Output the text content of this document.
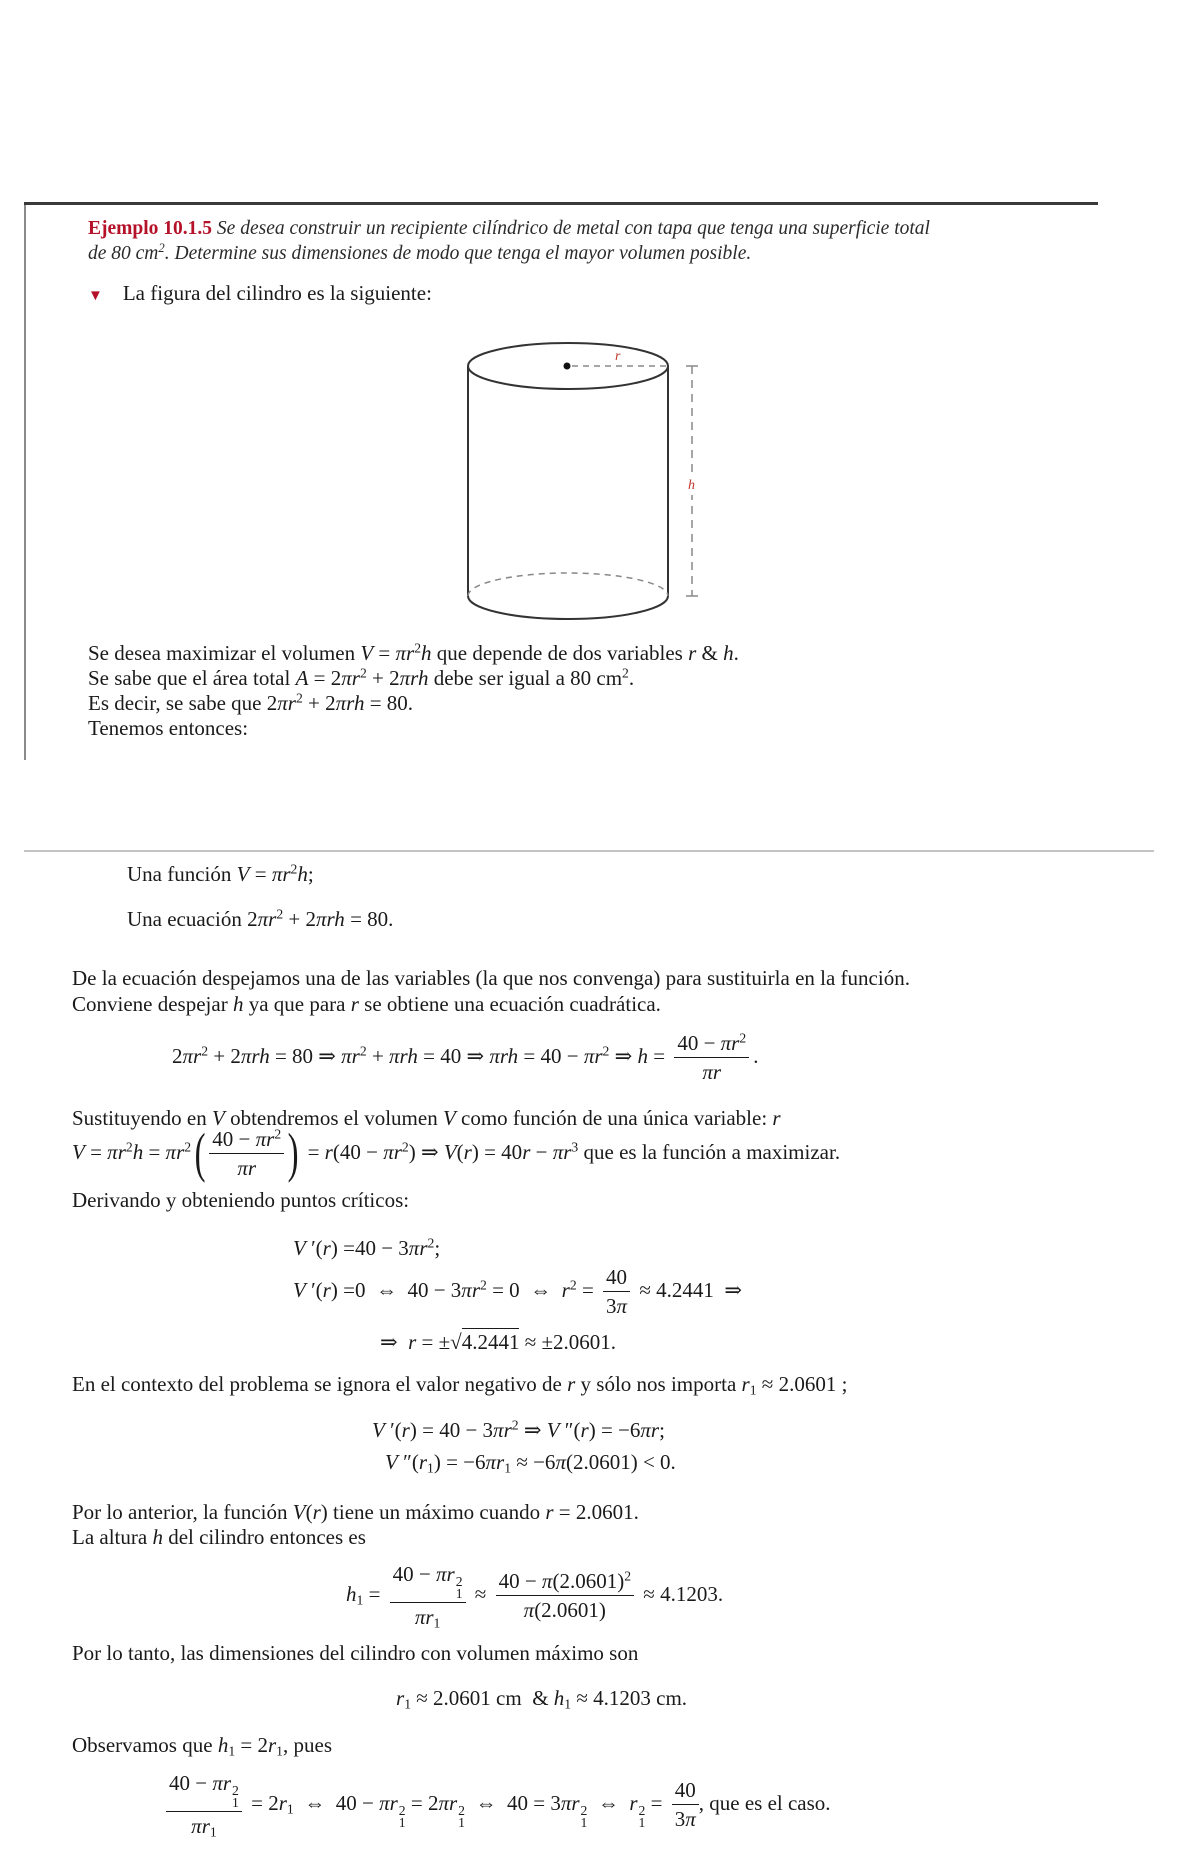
Ejemplo 10.1.5 Se desea construir un recipiente cilíndrico de metal con tapa que tenga una superficie total
de 80 $cm^2$. Determine sus dimensiones de modo que tenga el mayor volumen posible.
▼ La figura del cilindro es la siguiente:
r
h
Se desea maximizar el volumen $V = \pi r^2h$ que depende de dos variables r & h.
Se sabe que el área total $A = 2\pi r^2 + 2\pi rh$ debe ser igual a 80 $cm^2$.
Es decir, se sabe que $2\pi r^2 + 2\pi rh = 80$.
Tenemos entonces:
Una función $V = \pi r^2h$;
Una ecuación $2\pi r^2 + 2\pi rh = 80$.
De la ecuación despejamos una de las variables (la que nos convenga) para sustituirla en la función.
Conviene despejar h ya que para r se obtiene una ecuación cuadrática.
$2\pi r^2 + 2\pi rh = 80$ ⇒ $\pi r^2 + \pi rh = 40$ ⇒ $\pi rh = 40 - \pi r^2$ ⇒ $h = \frac{40 - \pi r^2}{\pi r}$ .
Sustituyendo en V obtendremos el volumen V como función de una única variable: r
$V = \pi r^2h = \pi r^2( \frac{40 - \pi r^2}{\pi r}$ ) = $r(40 - \pi r^2)$ ⇒ $V(r) = 40r - \pi r^3$ que es la función a maximizar.
Derivando y obteniendo puntos críticos:
V $'(r) =40 - 3\pi r^2$;
V ′(r) =0  ⇔  $40 - 3\pi r^2 = 0$  ⇔  $r^2 = \frac{40}{3\pi} \approx 4.2441$  ⇒
⇒  r = ±√4.2441 ≈ ±2.0601.
En el contexto del problema se ignora el valor negativo de r y sólo nos importa $r_1 \approx 2.0601$ ;
V $'(r) = 40 - 3\pi r^2$ ⇒ V ″(r) = −6πr;
V $''(r_1) = -6\pi r_1 \approx -6\pi(2.0601) < 0$.
Por lo anterior, la función V(r) tiene un máximo cuando r = 2.0601.
La altura h del cilindro entonces es
$h_1 = 40 - \pi r$ 2
1
$\pi r_1 \approx \frac{40 - \pi(2.0601)^2}{\pi(2.0601)} \approx 4.1203$.
Por lo tanto, las dimensiones del cilindro con volumen máximo son
$r_1 \approx 2.0601$ cm  & $h_1 \approx 4.1203$ cm.
Observamos que $h_1 = 2r_1$, pues
40 − πr 2
1
$\pi r_1 = 2r_1$  ⇔  40 − πr 2
1
= 2πr 2
1
⇔  40 = 3πr 2
1
⇔  r 2
1
= $\frac{40}{3\pi}$ , que es el caso.
